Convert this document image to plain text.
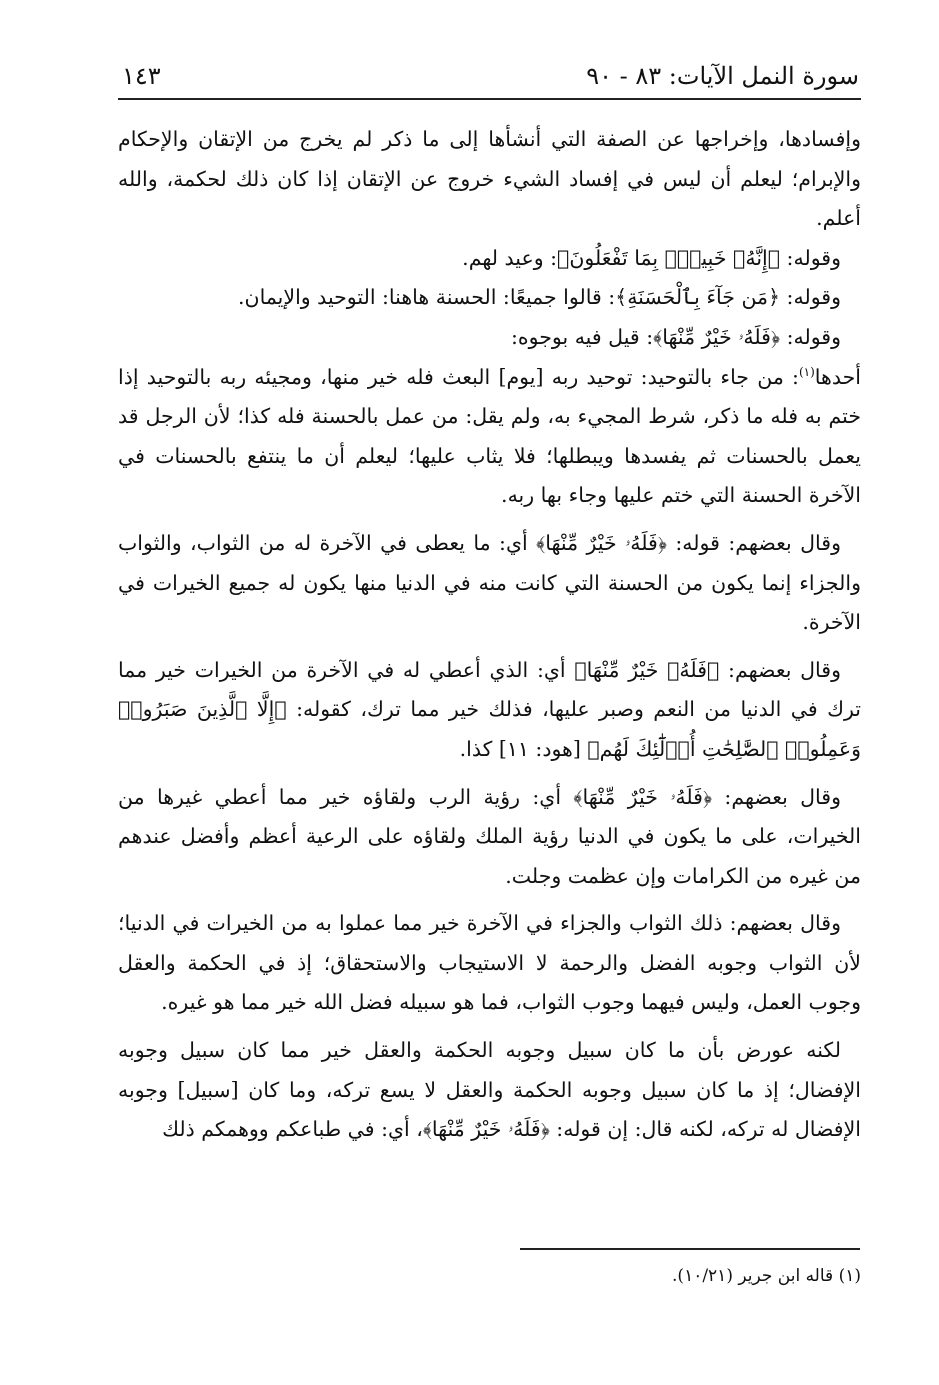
سورة النمل الآيات: ٨٣ - ٩٠
١٤٣

وإفسادها، وإخراجها عن الصفة التي أنشأها إلى ما ذكر لم يخرج من الإتقان والإحكام والإبرام؛ ليعلم أن ليس في إفساد الشيء خروج عن الإتقان إذا كان ذلك لحكمة، والله أعلم.

وقوله: ﴿إِنَّهُۥ خَبِيرٌۢ بِمَا تَفْعَلُونَ﴾: وعيد لهم.

وقوله: ﴿مَن جَآءَ بِٱلْحَسَنَةِ﴾: قالوا جميعًا: الحسنة هاهنا: التوحيد والإيمان.

وقوله: ﴿فَلَهُۥ خَيْرٌ مِّنْهَا﴾: قيل فيه بوجوه:

أحدها$^{(١)}$: من جاء بالتوحيد: توحيد ربه [يوم] البعث فله خير منها، ومجيئه ربه بالتوحيد إذا ختم به فله ما ذكر، شرط المجيء به، ولم يقل: من عمل بالحسنة فله كذا؛ لأن الرجل قد يعمل بالحسنات ثم يفسدها ويبطلها؛ فلا يثاب عليها؛ ليعلم أن ما ينتفع بالحسنات في الآخرة الحسنة التي ختم عليها وجاء بها ربه.

وقال بعضهم: قوله: ﴿فَلَهُۥ خَيْرٌ مِّنْهَا﴾ أي: ما يعطى في الآخرة له من الثواب، والثواب والجزاء إنما يكون من الحسنة التي كانت منه في الدنيا منها يكون له جميع الخيرات في الآخرة.

وقال بعضهم: ﴿فَلَهُۥ خَيْرٌ مِّنْهَا﴾ أي: الذي أعطي له في الآخرة من الخيرات خير مما ترك في الدنيا من النعم وصبر عليها، فذلك خير مما ترك، كقوله: ﴿إِلَّا ٱلَّذِينَ صَبَرُوا۟ وَعَمِلُوا۟ ٱلصَّٰلِحَٰتِ أُو۟لَٰٓئِكَ لَهُم﴾ [هود: ١١] كذا.

وقال بعضهم: ﴿فَلَهُۥ خَيْرٌ مِّنْهَا﴾ أي: رؤية الرب ولقاؤه خير مما أعطي غيرها من الخيرات، على ما يكون في الدنيا رؤية الملك ولقاؤه على الرعية أعظم وأفضل عندهم من غيره من الكرامات وإن عظمت وجلت.

وقال بعضهم: ذلك الثواب والجزاء في الآخرة خير مما عملوا به من الخيرات في الدنيا؛ لأن الثواب وجوبه الفضل والرحمة لا الاستيجاب والاستحقاق؛ إذ في الحكمة والعقل وجوب العمل، وليس فيهما وجوب الثواب، فما هو سبيله فضل الله خير مما هو غيره.

لكنه عورض بأن ما كان سبيل وجوبه الحكمة والعقل خير مما كان سبيل وجوبه الإفضال؛ إذ ما كان سبيل وجوبه الحكمة والعقل لا يسع تركه، وما كان [سبيل] وجوبه الإفضال له تركه، لكنه قال: إن قوله: ﴿فَلَهُۥ خَيْرٌ مِّنْهَا﴾، أي: في طباعكم ووهمكم ذلك

(١) قاله ابن جرير (١٠/٢١).
